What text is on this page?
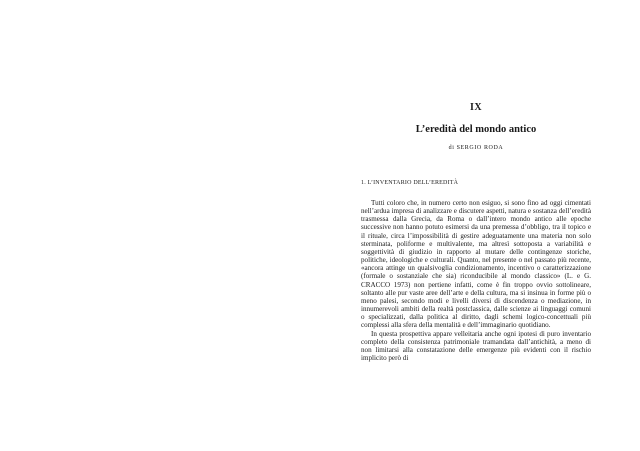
IX
L’eredità del mondo antico
di SERGIO RODA
1. L’INVENTARIO DELL’EREDITÀ

Tutti coloro che, in numero certo non esiguo, si sono fino ad oggi cimentati nell’ardua impresa di analizzare e discutere aspetti, natura e sostanza dell’eredità trasmessa dalla Grecia, da Roma o dall’intero mondo antico alle epoche successive non hanno potuto esimersi da una premessa d’obbligo, tra il topico e il rituale, circa l’impossibilità di gestire adeguatamente una materia non solo sterminata, poliforme e multivalente, ma altresì sottoposta a variabilità e soggettività di giudizio in rapporto al mutare delle contingenze storiche, politiche, ideologiche e culturali. Quanto, nel presente o nel passato più recente, «ancora attinge un qualsivoglia condizionamento, incentivo o caratterizzazione (formale o sostanziale che sia) riconducibile al mondo classico» (L. e G. CRACCO 1973) non pertiene infatti, come è fin troppo ovvio sottolineare, soltanto alle pur vaste aree dell’arte e della cultura, ma si insinua in forme più o meno palesi, secondo modi e livelli diversi di discendenza o mediazione, in innumerevoli ambiti della realtà postclassica, dalle scienze ai linguaggi comuni o specializzati, dalla politica al diritto, dagli schemi logico-concettuali più complessi alla sfera della mentalità e dell’immaginario quotidiano.

In questa prospettiva appare velleitaria anche ogni ipotesi di puro inventario completo della consistenza patrimoniale tramandata dall’antichità, a meno di non limitarsi alla constatazione delle emergenze più evidenti con il rischio implicito però di
